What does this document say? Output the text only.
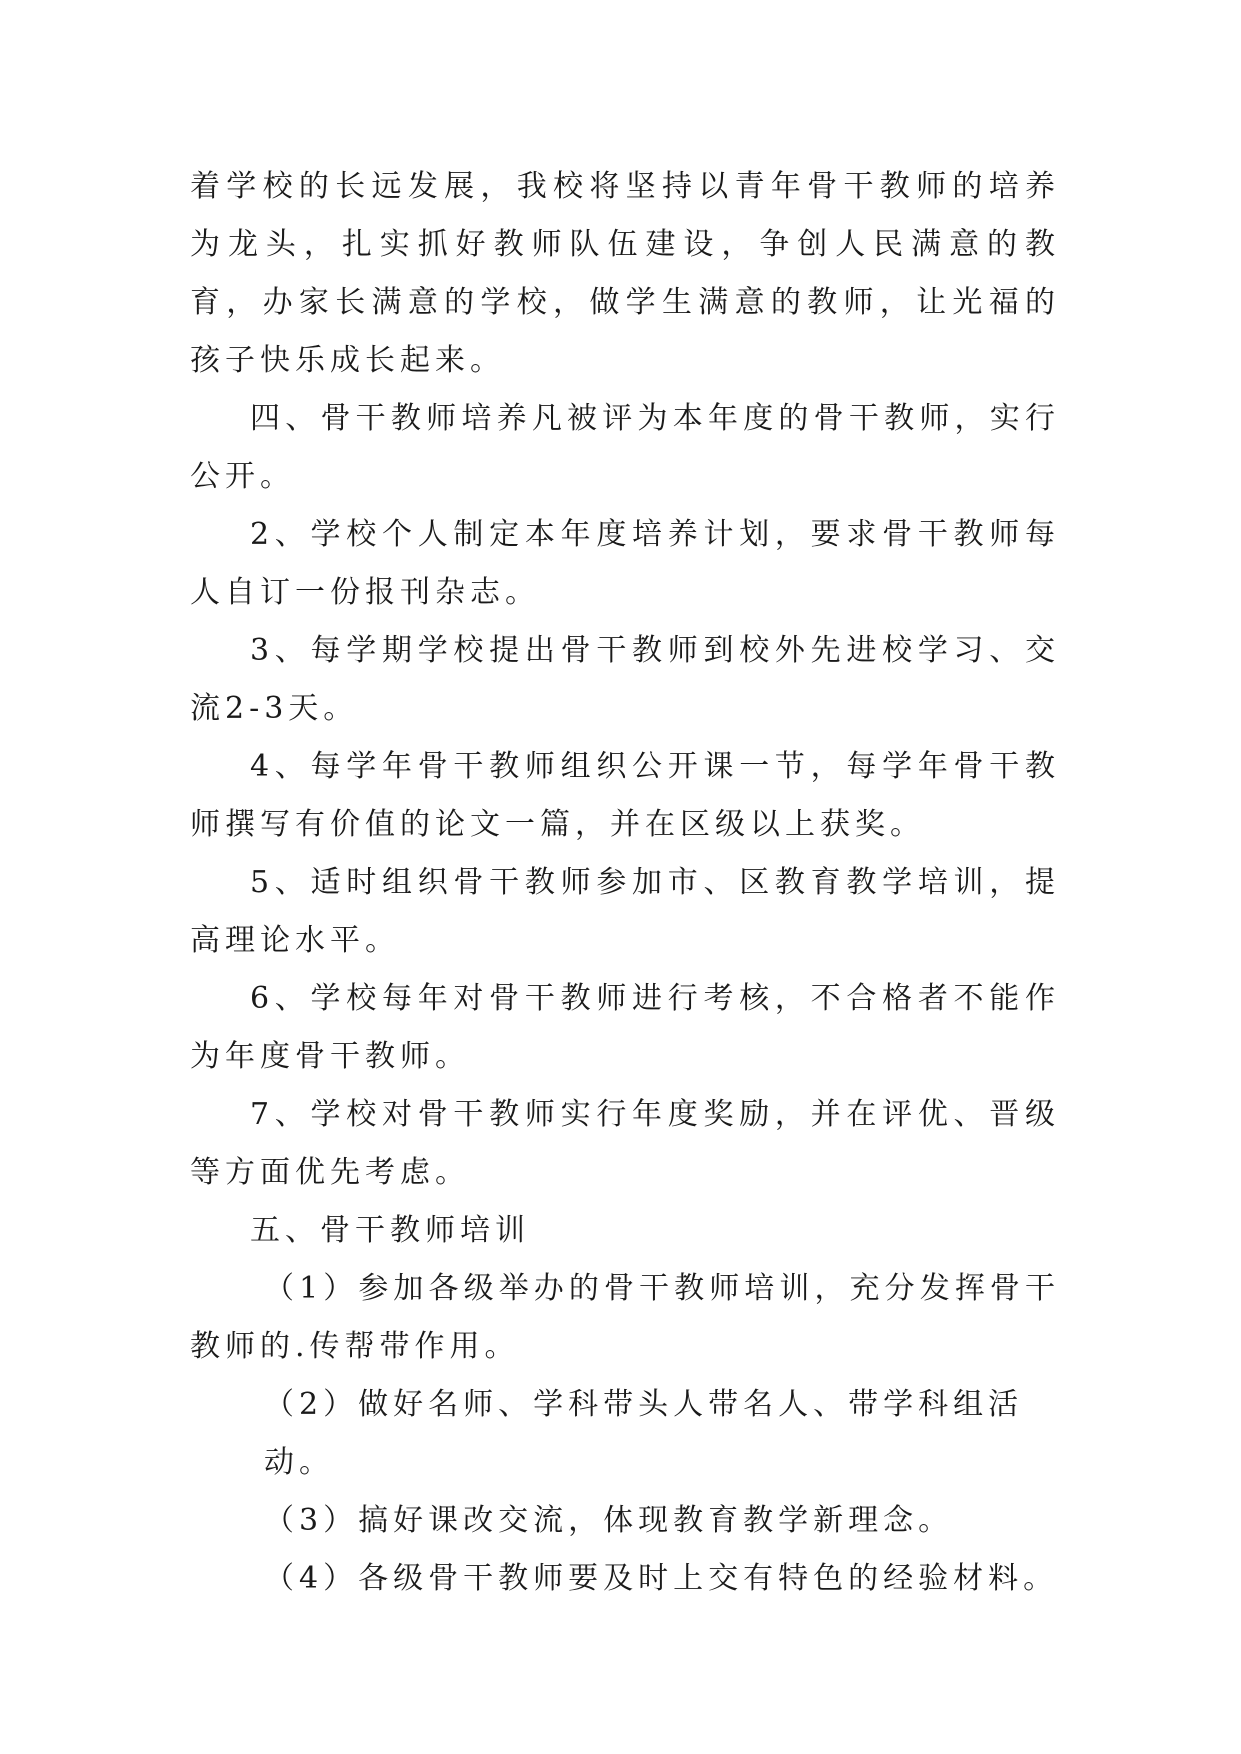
着学校的长远发展，我校将坚持以青年骨干教师的培养为龙头，扎实抓好教师队伍建设，争创人民满意的教育，办家长满意的学校，做学生满意的教师，让光福的孩子快乐成长起来。

四、骨干教师培养凡被评为本年度的骨干教师，实行公开。

2、学校个人制定本年度培养计划，要求骨干教师每人自订一份报刊杂志。

3、每学期学校提出骨干教师到校外先进校学习、交流2-3天。

4、每学年骨干教师组织公开课一节，每学年骨干教师撰写有价值的论文一篇，并在区级以上获奖。

5、适时组织骨干教师参加市、区教育教学培训，提高理论水平。

6、学校每年对骨干教师进行考核，不合格者不能作为年度骨干教师。

7、学校对骨干教师实行年度奖励，并在评优、晋级等方面优先考虑。

五、骨干教师培训

（1）参加各级举办的骨干教师培训，充分发挥骨干教师的.传帮带作用。

（2）做好名师、学科带头人带名人、带学科组活动。

（3）搞好课改交流，体现教育教学新理念。

（4）各级骨干教师要及时上交有特色的经验材料。
